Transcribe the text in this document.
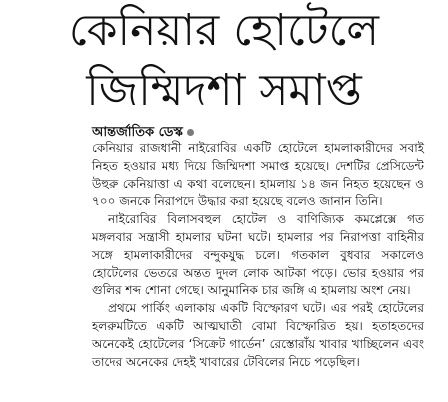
কেনিয়ার হোটেলে
জিম্মিদশা সমাপ্ত
আন্তর্জাতিক ডেস্ক

কেনিয়ার রাজধানী নাইরোবির একটি হোটেলে হামলাকারীদের সবাই নিহত হওয়ার মধ্য দিয়ে জিম্মিদশা সমাপ্ত হয়েছে। দেশটির প্রেসিডেন্ট উহুরু কেনিয়াত্তা এ কথা বলেছেন। হামলায় ১৪ জন নিহত হয়েছেন ও ৭০০ জনকে নিরাপদে উদ্ধার করা হয়েছে বলেও জানান তিনি।

নাইরোবির বিলাসবহুল হোটেল ও বাণিজ্যিক কমপ্লেক্সে গত মঙ্গলবার সন্ত্রাসী হামলার ঘটনা ঘটে। হামলার পর নিরাপত্তা বাহিনীর সঙ্গে হামলাকারীদের বন্দুকযুদ্ধ চলে। গতকাল বুধবার সকালেও হোটেলের ভেতরে অন্তত দুদল লোক আটকা পড়ে। ভোর হওয়ার পর গুলির শব্দ শোনা গেছে। আনুমানিক চার জঙ্গি এ হামলায় অংশ নেয়।

প্রথমে পার্কিং এলাকায় একটি বিস্ফোরণ ঘটে। এর পরই হোটেলের হলরুমটিতে একটি আত্মঘাতী বোমা বিস্ফোরিত হয়। হতাহতদের অনেকেই হোটেলের ‘সিক্রেট গার্ডেন’ রেস্তোরাঁয় খাবার খাচ্ছিলেন এবং তাদের অনেকের দেহই খাবারের টেবিলের নিচে পড়েছিল।
